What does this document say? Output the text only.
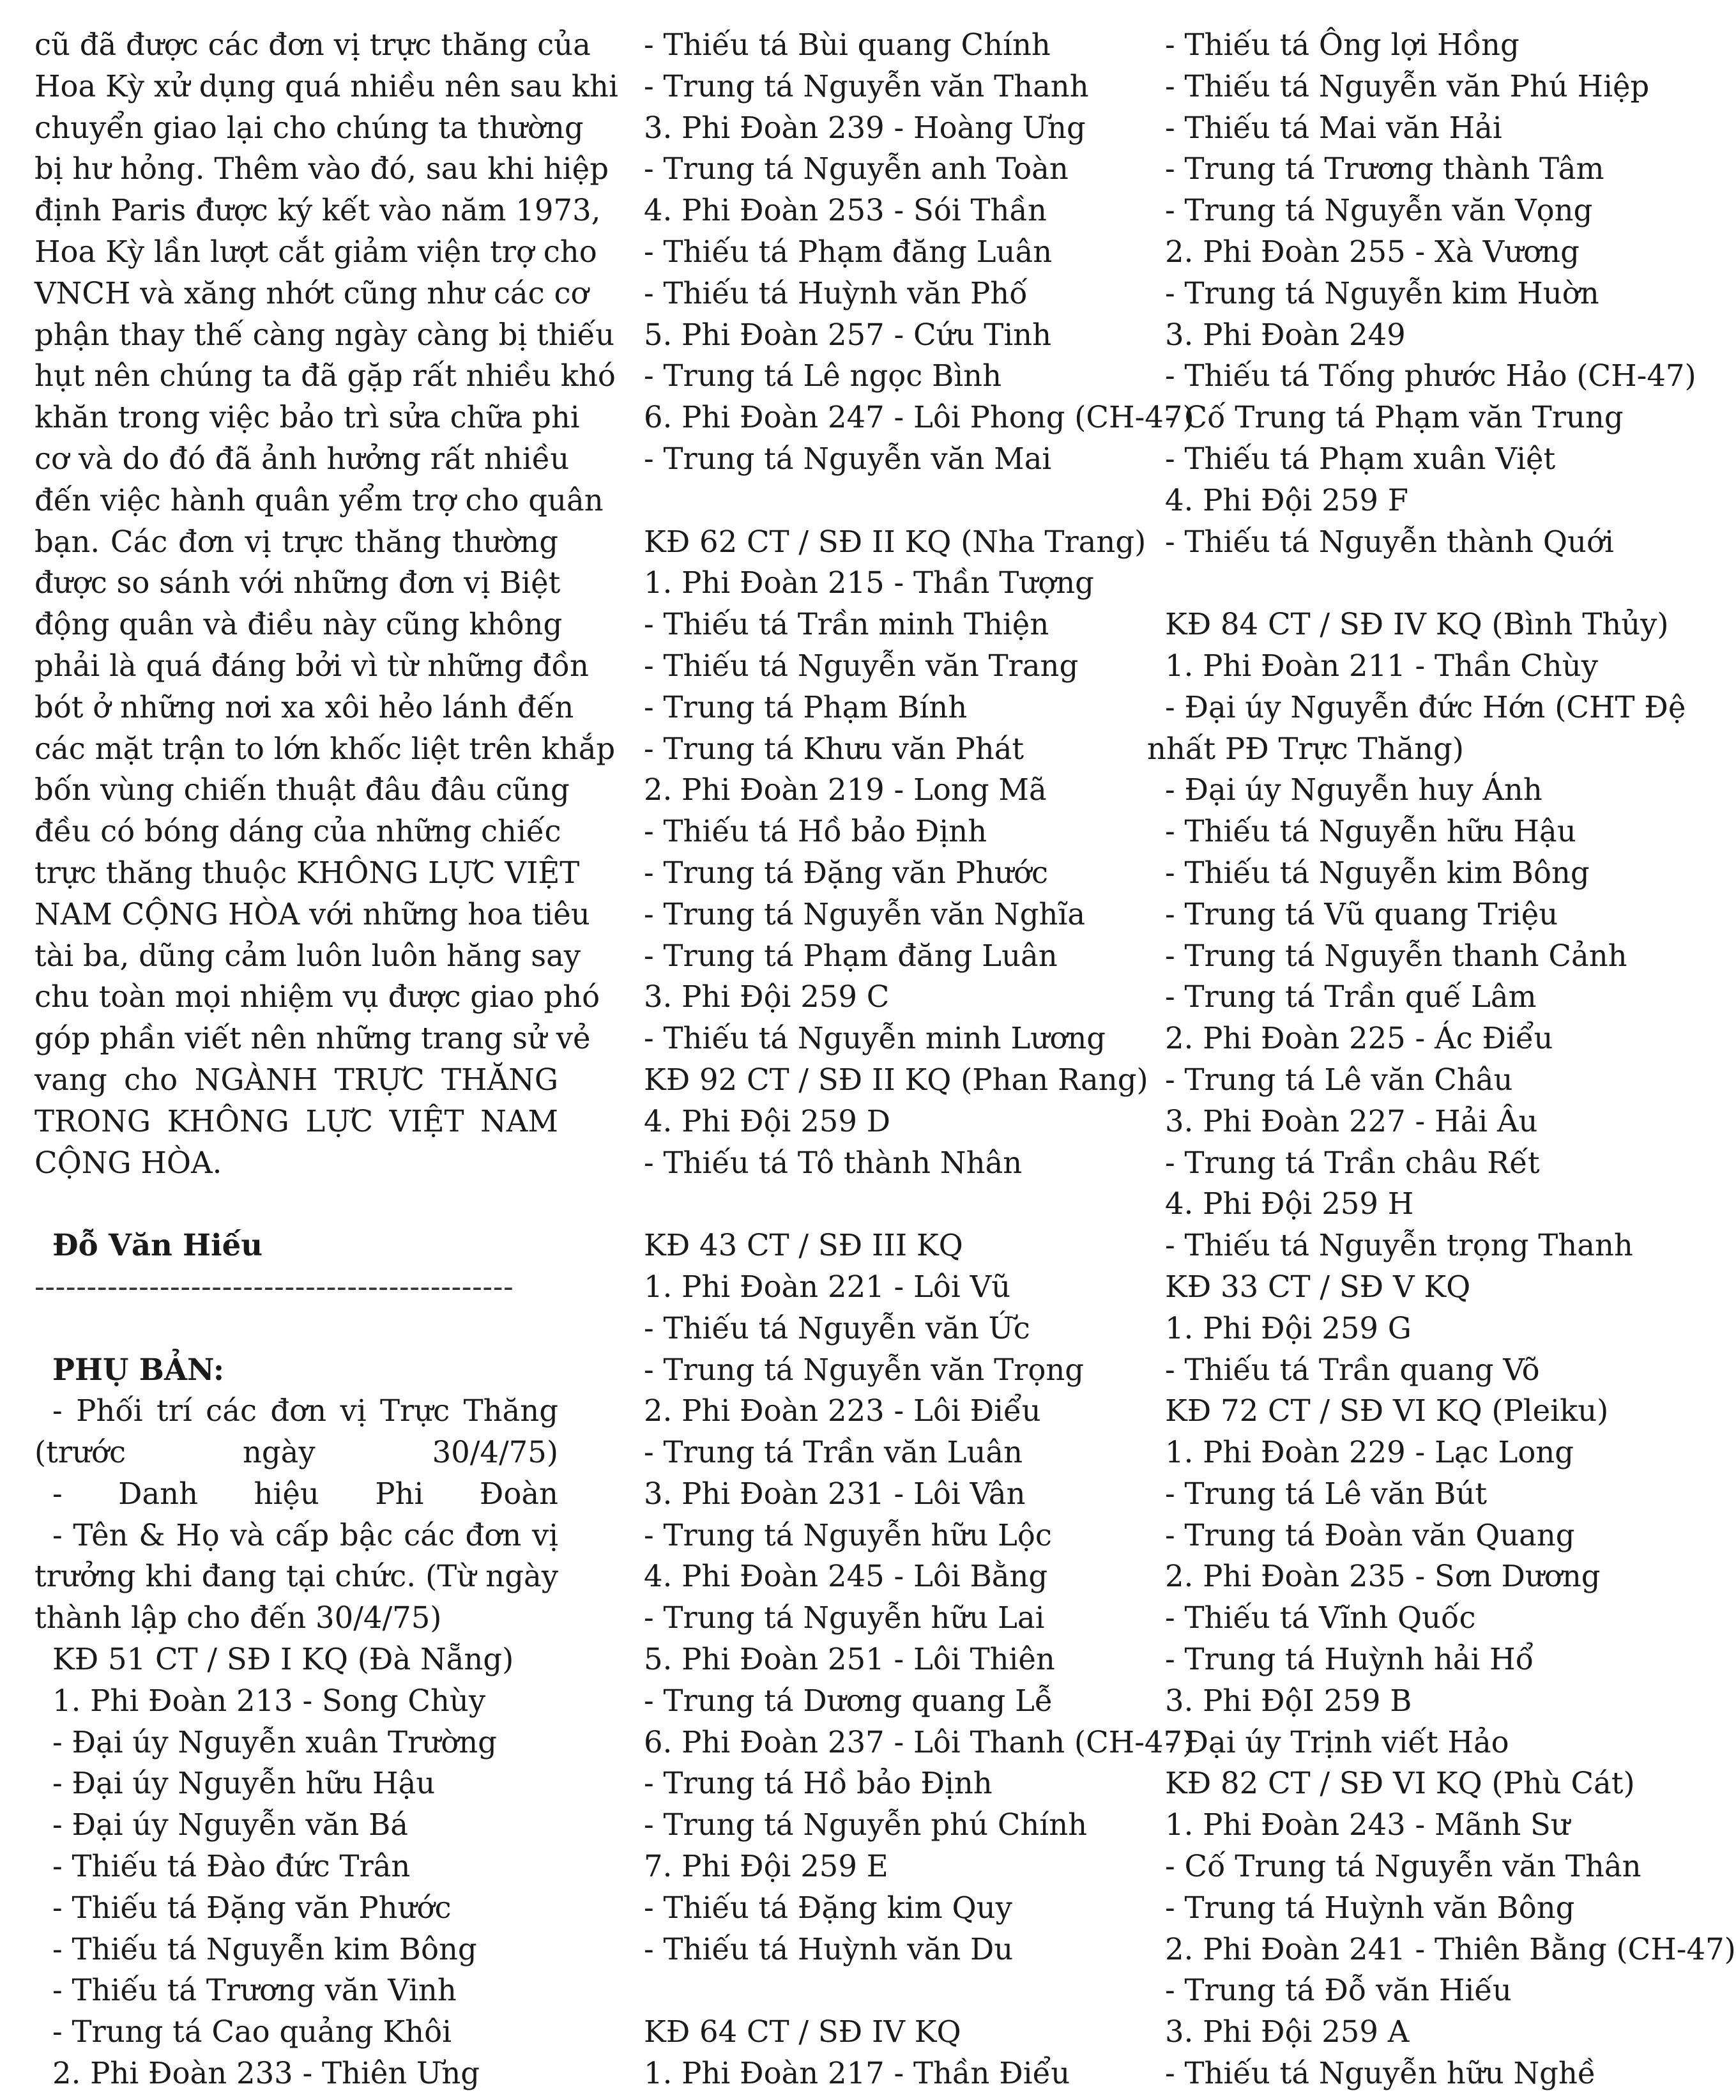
cũ đã được các đơn vị trực thăng của
Hoa Kỳ xử dụng quá nhiều nên sau khi
chuyển giao lại cho chúng ta thường
bị hư hỏng. Thêm vào đó, sau khi hiệp
định Paris được ký kết vào năm 1973,
Hoa Kỳ lần lượt cắt giảm viện trợ cho
VNCH và xăng nhớt cũng như các cơ
phận thay thế càng ngày càng bị thiếu
hụt nên chúng ta đã gặp rất nhiều khó
khăn trong việc bảo trì sửa chữa phi
cơ và do đó đã ảnh hưởng rất nhiều
đến việc hành quân yểm trợ cho quân
bạn. Các đơn vị trực thăng thường
được so sánh với những đơn vị Biệt
động quân và điều này cũng không
phải là quá đáng bởi vì từ những đồn
bót ở những nơi xa xôi hẻo lánh đến
các mặt trận to lớn khốc liệt trên khắp
bốn vùng chiến thuật đâu đâu cũng
đều có bóng dáng của những chiếc
trực thăng thuộc KHÔNG LỰC VIỆT
NAM CỘNG HÒA với những hoa tiêu
tài ba, dũng cảm luôn luôn hăng say
chu toàn mọi nhiệm vụ được giao phó
góp phần viết nên những trang sử vẻ
vang cho NGÀNH TRỰC THĂNG
TRONG KHÔNG LỰC VIỆT NAM
CỘNG HÒA.
Đỗ Văn Hiếu
----------------------------------------------
PHỤ BẢN:
- Phối trí các đơn vị Trực Thăng
(trước ngày 30/4/75)
- Danh hiệu Phi Đoàn
- Tên & Họ và cấp bậc các đơn vị
trưởng khi đang tại chức. (Từ ngày
thành lập cho đến 30/4/75)
KĐ 51 CT / SĐ I KQ (Đà Nẵng)
1. Phi Đoàn 213 - Song Chùy
- Đại úy Nguyễn xuân Trường
- Đại úy Nguyễn hữu Hậu
- Đại úy Nguyễn văn Bá
- Thiếu tá Đào đức Trân
- Thiếu tá Đặng văn Phước
- Thiếu tá Nguyễn kim Bông
- Thiếu tá Trương văn Vinh
- Trung tá Cao quảng Khôi
2. Phi Đoàn 233 - Thiên Ưng
- Thiếu tá Bùi quang Chính
- Trung tá Nguyễn văn Thanh
3. Phi Đoàn 239 - Hoàng Ưng
- Trung tá Nguyễn anh Toàn
4. Phi Đoàn 253 - Sói Thần
- Thiếu tá Phạm đăng Luân
- Thiếu tá Huỳnh văn Phố
5. Phi Đoàn 257 - Cứu Tinh
- Trung tá Lê ngọc Bình
6. Phi Đoàn 247 - Lôi Phong (CH-47)
- Trung tá Nguyễn văn Mai
KĐ 62 CT / SĐ II KQ (Nha Trang)
1. Phi Đoàn 215 - Thần Tượng
- Thiếu tá Trần minh Thiện
- Thiếu tá Nguyễn văn Trang
- Trung tá Phạm Bính
- Trung tá Khưu văn Phát
2. Phi Đoàn 219 - Long Mã
- Thiếu tá Hồ bảo Định
- Trung tá Đặng văn Phước
- Trung tá Nguyễn văn Nghĩa
- Trung tá Phạm đăng Luân
3. Phi Đội 259 C
- Thiếu tá Nguyễn minh Lương
KĐ 92 CT / SĐ II KQ (Phan Rang)
4. Phi Đội 259 D
- Thiếu tá Tô thành Nhân
KĐ 43 CT / SĐ III KQ
1. Phi Đoàn 221 - Lôi Vũ
- Thiếu tá Nguyễn văn Ức
- Trung tá Nguyễn văn Trọng
2. Phi Đoàn 223 - Lôi Điểu
- Trung tá Trần văn Luân
3. Phi Đoàn 231 - Lôi Vân
- Trung tá Nguyễn hữu Lộc
4. Phi Đoàn 245 - Lôi Bằng
- Trung tá Nguyễn hữu Lai
5. Phi Đoàn 251 - Lôi Thiên
- Trung tá Dương quang Lễ
6. Phi Đoàn 237 - Lôi Thanh (CH-47)
- Trung tá Hồ bảo Định
- Trung tá Nguyễn phú Chính
7. Phi Đội 259 E
- Thiếu tá Đặng kim Quy
- Thiếu tá Huỳnh văn Du
KĐ 64 CT / SĐ IV KQ
1. Phi Đoàn 217 - Thần Điểu
- Thiếu tá Ông lợi Hồng
- Thiếu tá Nguyễn văn Phú Hiệp
- Thiếu tá Mai văn Hải
- Trung tá Trương thành Tâm
- Trung tá Nguyễn văn Vọng
2. Phi Đoàn 255 - Xà Vương
- Trung tá Nguyễn kim Huờn
3. Phi Đoàn 249
- Thiếu tá Tống phước Hảo (CH-47)
- Cố Trung tá Phạm văn Trung
- Thiếu tá Phạm xuân Việt
4. Phi Đội 259 F
- Thiếu tá Nguyễn thành Quới
KĐ 84 CT / SĐ IV KQ (Bình Thủy)
1. Phi Đoàn 211 - Thần Chùy
- Đại úy Nguyễn đức Hớn (CHT Đệ
nhất PĐ Trực Thăng)
- Đại úy Nguyễn huy Ánh
- Thiếu tá Nguyễn hữu Hậu
- Thiếu tá Nguyễn kim Bông
- Trung tá Vũ quang Triệu
- Trung tá Nguyễn thanh Cảnh
- Trung tá Trần quế Lâm
2. Phi Đoàn 225 - Ác Điểu
- Trung tá Lê văn Châu
3. Phi Đoàn 227 - Hải Âu
- Trung tá Trần châu Rết
4. Phi Đội 259 H
- Thiếu tá Nguyễn trọng Thanh
KĐ 33 CT / SĐ V KQ
1. Phi Đội 259 G
- Thiếu tá Trần quang Võ
KĐ 72 CT / SĐ VI KQ (Pleiku)
1. Phi Đoàn 229 - Lạc Long
- Trung tá Lê văn Bút
- Trung tá Đoàn văn Quang
2. Phi Đoàn 235 - Sơn Dương
- Thiếu tá Vĩnh Quốc
- Trung tá Huỳnh hải Hổ
3. Phi ĐộI 259 B
- Đại úy Trịnh viết Hảo
KĐ 82 CT / SĐ VI KQ (Phù Cát)
1. Phi Đoàn 243 - Mãnh Sư
- Cố Trung tá Nguyễn văn Thân
- Trung tá Huỳnh văn Bông
2. Phi Đoàn 241 - Thiên Bằng (CH-47)
- Trung tá Đỗ văn Hiếu
3. Phi Đội 259 A
- Thiếu tá Nguyễn hữu Nghề
